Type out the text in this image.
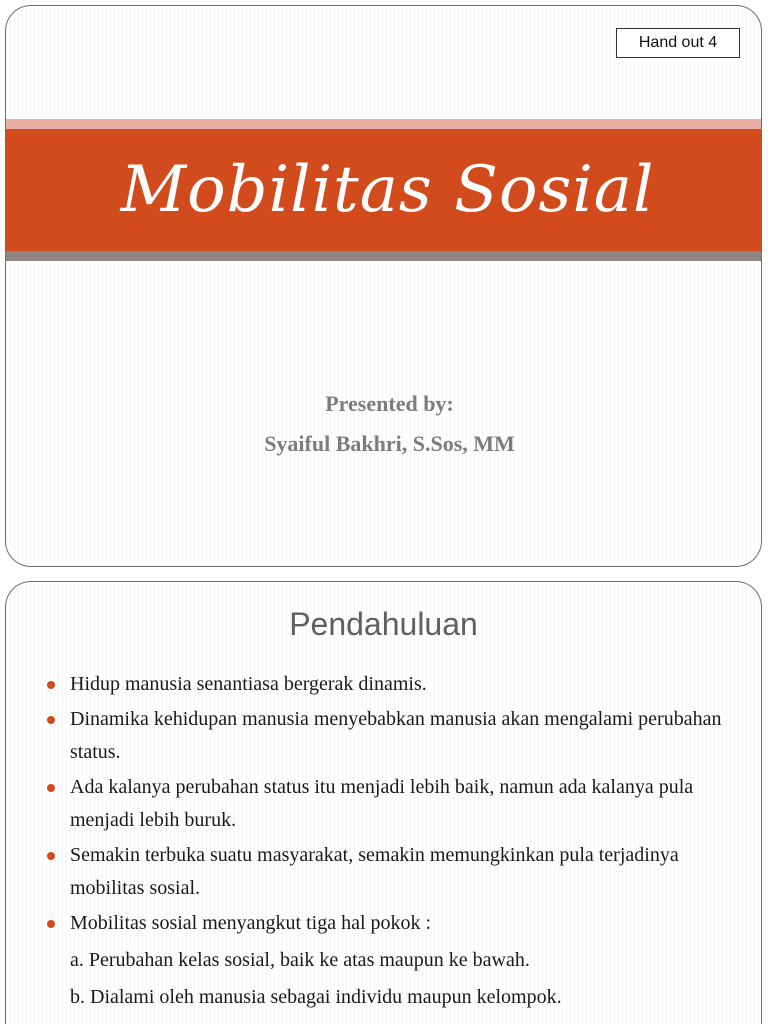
Hand out 4
Mobilitas Sosial
Presented by:
Syaiful Bakhri, S.Sos, MM
Pendahuluan
Hidup manusia senantiasa bergerak dinamis.
Dinamika kehidupan manusia menyebabkan manusia akan mengalami perubahan status.
Ada kalanya perubahan status itu menjadi lebih baik, namun ada kalanya pula menjadi lebih buruk.
Semakin terbuka suatu masyarakat, semakin memungkinkan pula terjadinya mobilitas sosial.
Mobilitas sosial menyangkut tiga hal pokok :
a. Perubahan kelas sosial, baik ke atas maupun ke bawah.
b. Dialami oleh manusia sebagai individu maupun kelompok.
